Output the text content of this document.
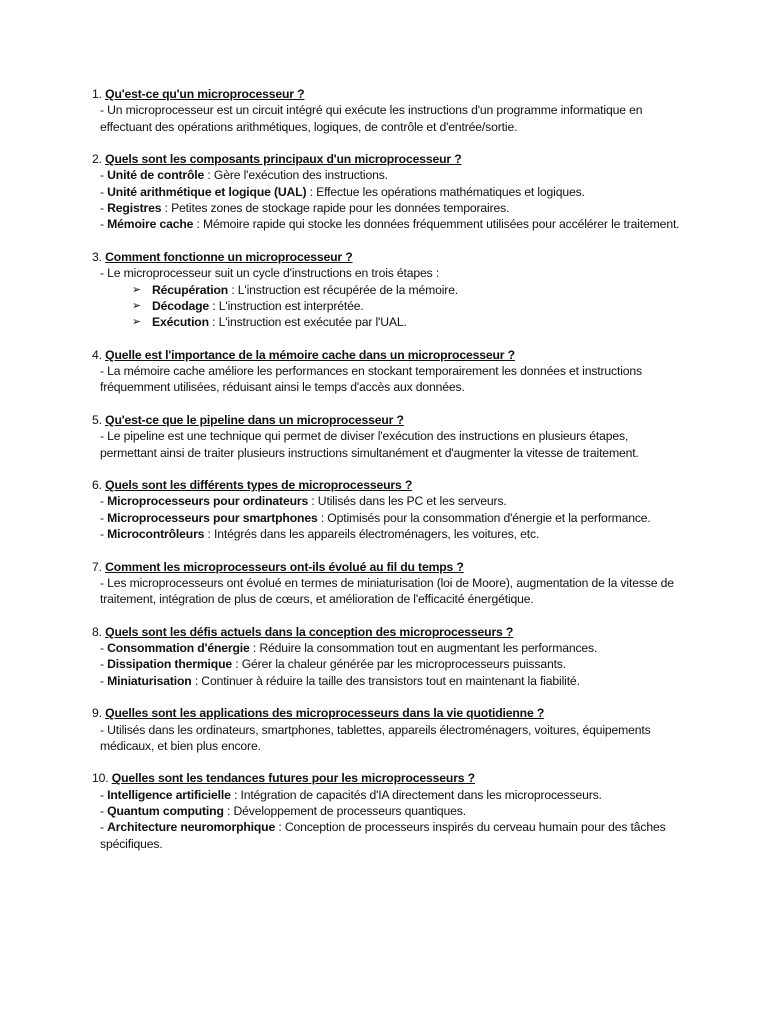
1. Qu'est-ce qu'un microprocesseur ?
- Un microprocesseur est un circuit intégré qui exécute les instructions d'un programme informatique en effectuant des opérations arithmétiques, logiques, de contrôle et d'entrée/sortie.
2. Quels sont les composants principaux d'un microprocesseur ?
- Unité de contrôle : Gère l'exécution des instructions.
- Unité arithmétique et logique (UAL) : Effectue les opérations mathématiques et logiques.
- Registres : Petites zones de stockage rapide pour les données temporaires.
- Mémoire cache : Mémoire rapide qui stocke les données fréquemment utilisées pour accélérer le traitement.
3. Comment fonctionne un microprocesseur ?
- Le microprocesseur suit un cycle d'instructions en trois étapes :
➢ Récupération : L'instruction est récupérée de la mémoire.
➢ Décodage : L'instruction est interprétée.
➢ Exécution : L'instruction est exécutée par l'UAL.
4. Quelle est l'importance de la mémoire cache dans un microprocesseur ?
- La mémoire cache améliore les performances en stockant temporairement les données et instructions fréquemment utilisées, réduisant ainsi le temps d'accès aux données.
5. Qu'est-ce que le pipeline dans un microprocesseur ?
- Le pipeline est une technique qui permet de diviser l'exécution des instructions en plusieurs étapes, permettant ainsi de traiter plusieurs instructions simultanément et d'augmenter la vitesse de traitement.
6. Quels sont les différents types de microprocesseurs ?
- Microprocesseurs pour ordinateurs : Utilisés dans les PC et les serveurs.
- Microprocesseurs pour smartphones : Optimisés pour la consommation d'énergie et la performance.
- Microcontrôleurs : Intégrés dans les appareils électroménagers, les voitures, etc.
7. Comment les microprocesseurs ont-ils évolué au fil du temps ?
- Les microprocesseurs ont évolué en termes de miniaturisation (loi de Moore), augmentation de la vitesse de traitement, intégration de plus de cœurs, et amélioration de l'efficacité énergétique.
8. Quels sont les défis actuels dans la conception des microprocesseurs ?
- Consommation d'énergie : Réduire la consommation tout en augmentant les performances.
- Dissipation thermique : Gérer la chaleur générée par les microprocesseurs puissants.
- Miniaturisation : Continuer à réduire la taille des transistors tout en maintenant la fiabilité.
9. Quelles sont les applications des microprocesseurs dans la vie quotidienne ?
- Utilisés dans les ordinateurs, smartphones, tablettes, appareils électroménagers, voitures, équipements médicaux, et bien plus encore.
10. Quelles sont les tendances futures pour les microprocesseurs ?
- Intelligence artificielle : Intégration de capacités d'IA directement dans les microprocesseurs.
- Quantum computing : Développement de processeurs quantiques.
- Architecture neuromorphique : Conception de processeurs inspirés du cerveau humain pour des tâches spécifiques.
